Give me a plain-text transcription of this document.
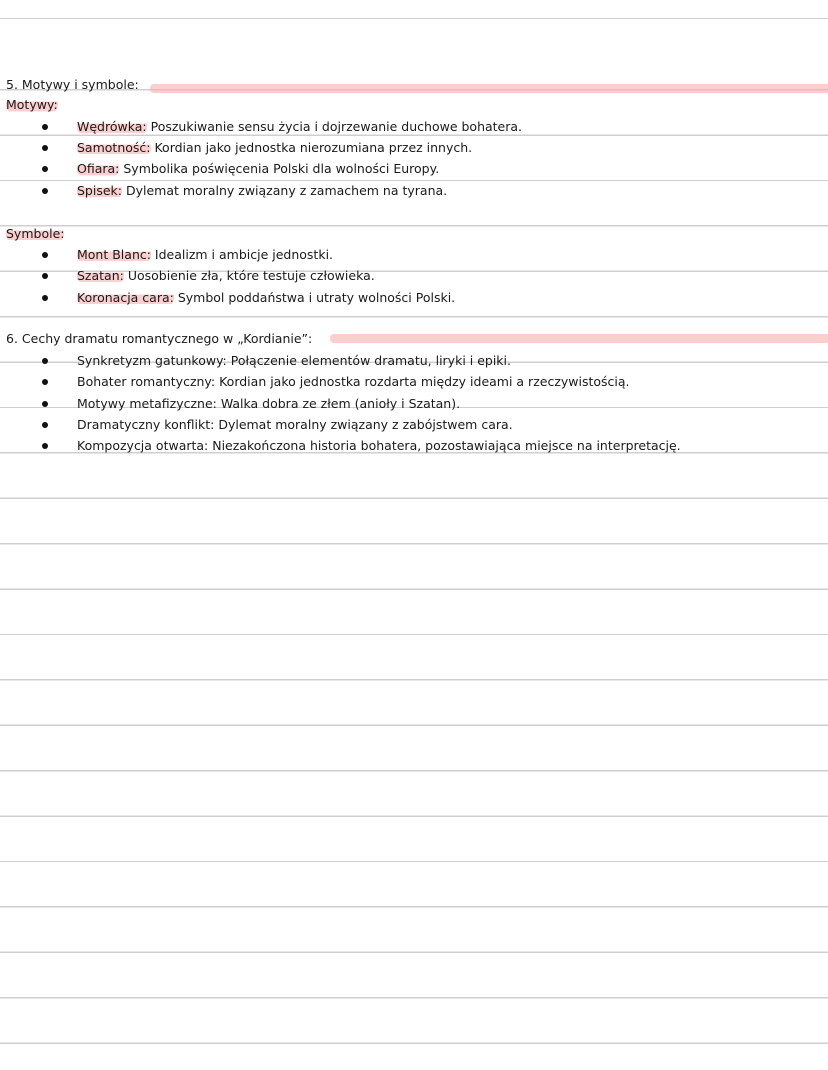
5. Motywy i symbole:
Motywy:
Wędrówka: Poszukiwanie sensu życia i dojrzewanie duchowe bohatera.
Samotność: Kordian jako jednostka nierozumiana przez innych.
Ofiara: Symbolika poświęcenia Polski dla wolności Europy.
Spisek: Dylemat moralny związany z zamachem na tyrana.
Symbole:
Mont Blanc: Idealizm i ambicje jednostki.
Szatan: Uosobienie zła, które testuje człowieka.
Koronacja cara: Symbol poddaństwa i utraty wolności Polski.
6. Cechy dramatu romantycznego w „Kordianie”:
Synkretyzm gatunkowy: Połączenie elementów dramatu, liryki i epiki.
Bohater romantyczny: Kordian jako jednostka rozdarta między ideami a rzeczywistością.
Motywy metafizyczne: Walka dobra ze złem (anioły i Szatan).
Dramatyczny konflikt: Dylemat moralny związany z zabójstwem cara.
Kompozycja otwarta: Niezakończona historia bohatera, pozostawiająca miejsce na interpretację.
